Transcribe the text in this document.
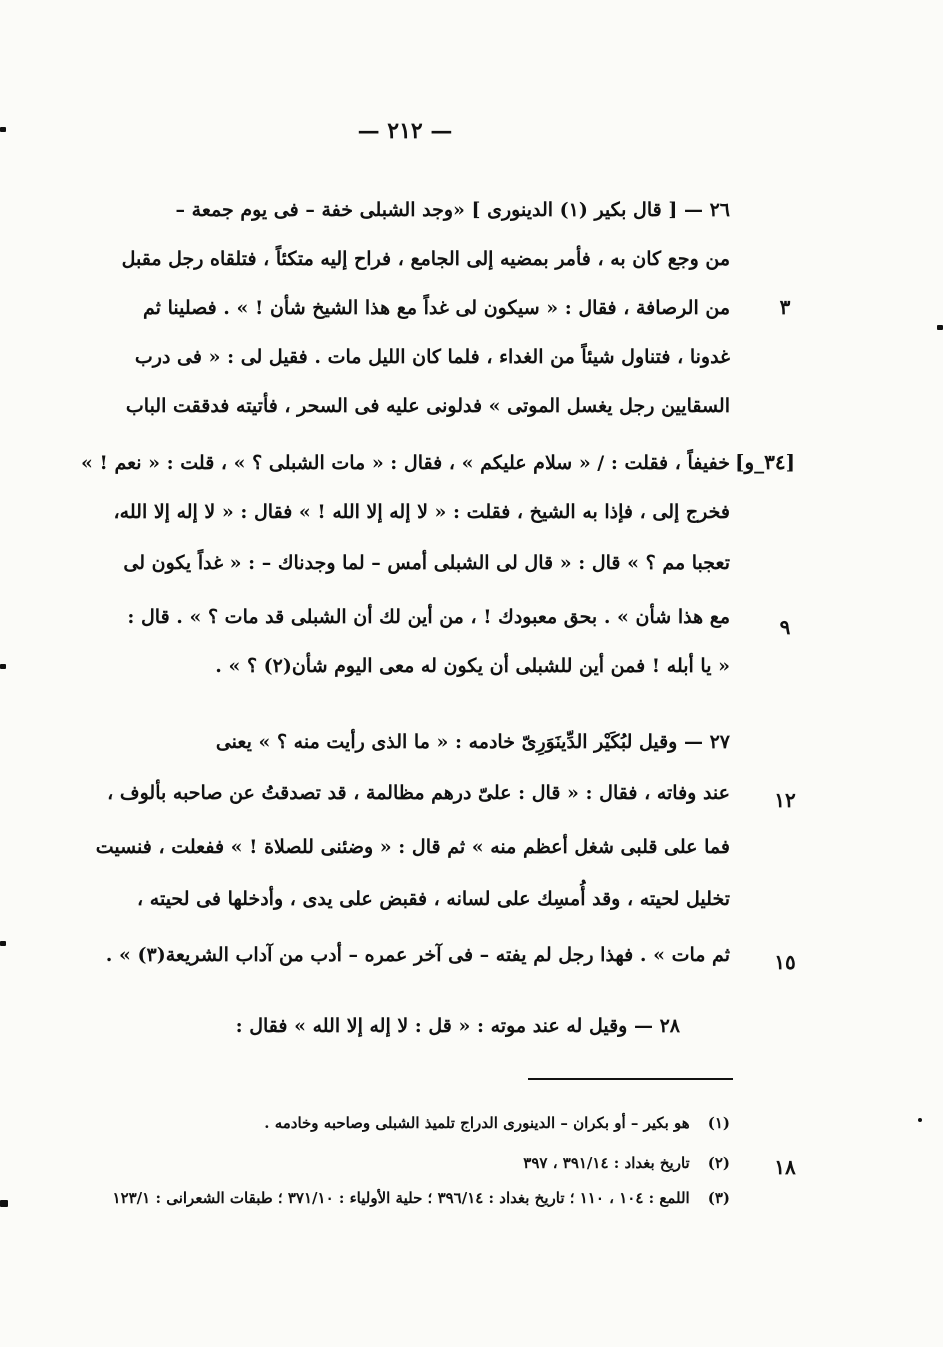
— ٢١٢ —
٢٦ — [ قال بكير (١) الدينورى ] «وجد الشبلى خفة – فى يوم جمعة –
من وجع كان به ، فأمر بمضيه إلى الجامع ، فراح إليه متكئاً ، فتلقاه رجل مقبل
من الرصافة ، فقال : « سيكون لى غداً مع هذا الشيخ شأن ! » . فصلينا ثم
غدونا ، فتناول شيئاً من الغداء ، فلما كان الليل مات . فقيل لى : « فى درب
السقايين رجل يغسل الموتى » فدلونى عليه فى السحر ، فأتيته فدققت الباب
خفيفاً ، فقلت : / « سلام عليكم » ، فقال : « مات الشبلى ؟ » ، قلت : « نعم ! »
فخرج إلى ، فإذا به الشيخ ، فقلت : « لا إله إلا الله ! » فقال : « لا إله إلا الله،
تعجبا مم ؟ » قال : « قال لى الشبلى أمس – لما وجدناك – : « غداً يكون لى
مع هذا شأن » . بحق معبودك ! ، من أين لك أن الشبلى قد مات ؟ » . قال :
« يا أبله ! فمن أين للشبلى أن يكون له معى اليوم شأن(٢) ؟ » .
٢٧ — وقيل لبُكَيْر الدِّينَوَرِىّ خادمه : « ما الذى رأيت منه ؟ » يعنى
عند وفاته ، فقال : « قال : علىّ درهم مظالمة ، قد تصدقتُ عن صاحبه بألوف ،
فما على قلبى شغل أعظم منه » ثم قال : « وضئنى للصلاة ! » ففعلت ، فنسيت
تخليل لحيته ، وقد أُمسِك على لسانه ، فقبض على يدى ، وأدخلها فى لحيته ،
ثم مات » . فهذا رجل لم يفته – فى آخر عمره – أدب من آداب الشريعة(٣) » .
٢٨ — وقيل له عند موته : « قل : لا إله إلا الله » فقال :
٣
٩
١٢
١٥
١٨
[٣٤_و]
(١)هو بكير – أو بكران – الدينورى الدراج تلميذ الشبلى وصاحبه وخادمه .
(٢)تاريخ بغداد : ٣٩١/١٤ ، ٣٩٧
(٣)اللمع : ١٠٤ ، ١١٠ ؛ تاريخ بغداد : ٣٩٦/١٤ ؛ حلية الأولياء : ٣٧١/١٠ ؛ طبقات الشعرانى : ١٢٣/١
